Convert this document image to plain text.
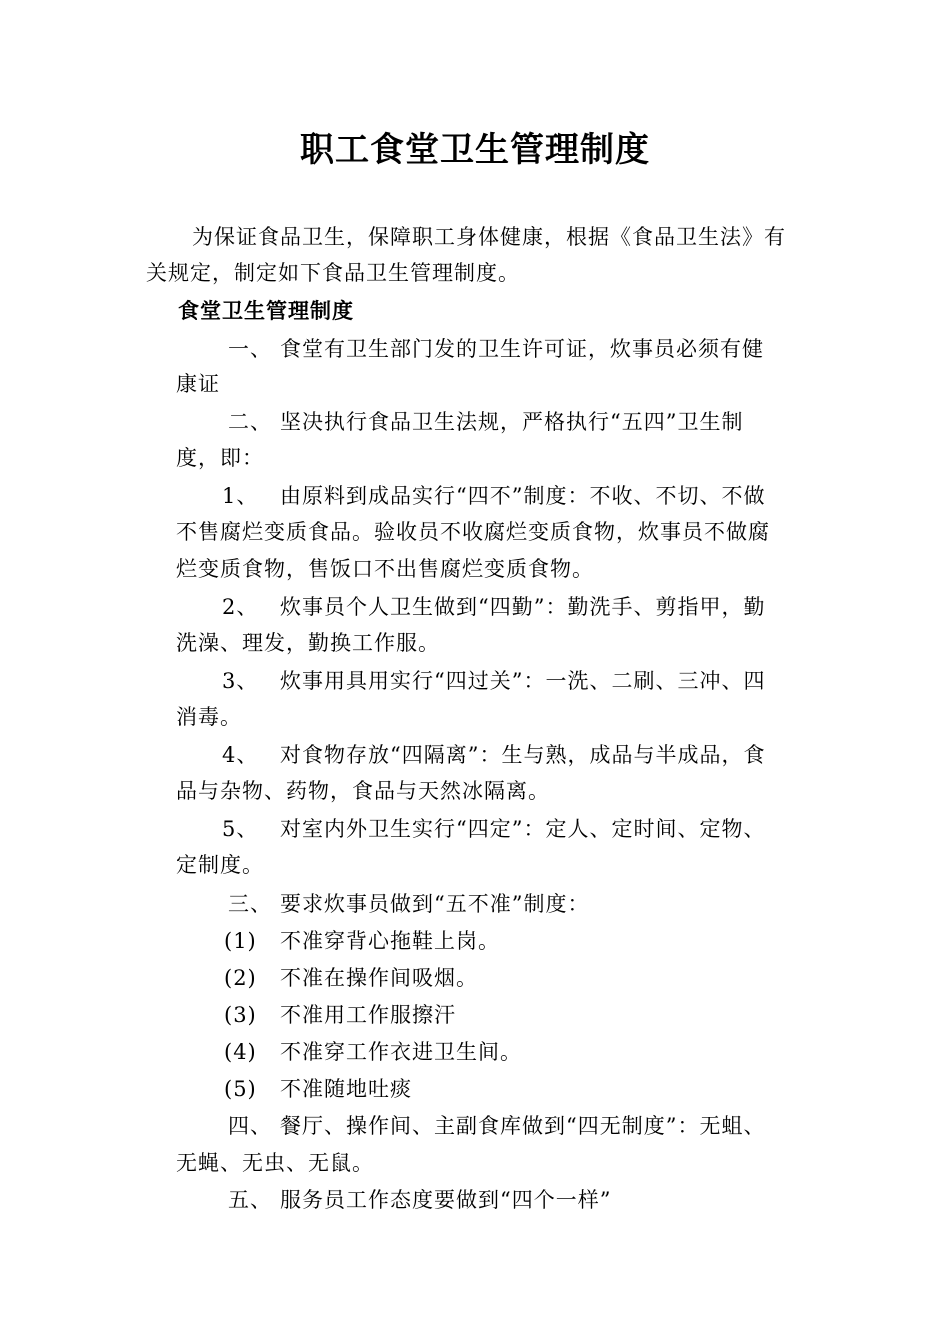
职工食堂卫生管理制度
为保证食品卫生，保障职工身体健康，根据《食品卫生法》有
关规定，制定如下食品卫生管理制度。
食堂卫生管理制度
一、 食堂有卫生部门发的卫生许可证，炊事员必须有健
康证
二、 坚决执行食品卫生法规，严格执行“五四”卫生制
度，即：
1、 由原料到成品实行“四不”制度：不收、不切、不做
不售腐烂变质食品。验收员不收腐烂变质食物，炊事员不做腐
烂变质食物，售饭口不出售腐烂变质食物。
2、 炊事员个人卫生做到“四勤”：勤洗手、剪指甲，勤
洗澡、理发，勤换工作服。
3、 炊事用具用实行“四过关”：一洗、二刷、三冲、四
消毒。
4、 对食物存放“四隔离”：生与熟，成品与半成品，食
品与杂物、药物，食品与天然冰隔离。
5、 对室内外卫生实行“四定”：定人、定时间、定物、
定制度。
三、 要求炊事员做到“五不准”制度：
(1) 不准穿背心拖鞋上岗。
(2) 不准在操作间吸烟。
(3) 不准用工作服擦汗
(4) 不准穿工作衣进卫生间。
(5) 不准随地吐痰
四、 餐厅、操作间、主副食库做到“四无制度”：无蛆、
无蝇、无虫、无鼠。
五、 服务员工作态度要做到“四个一样”
